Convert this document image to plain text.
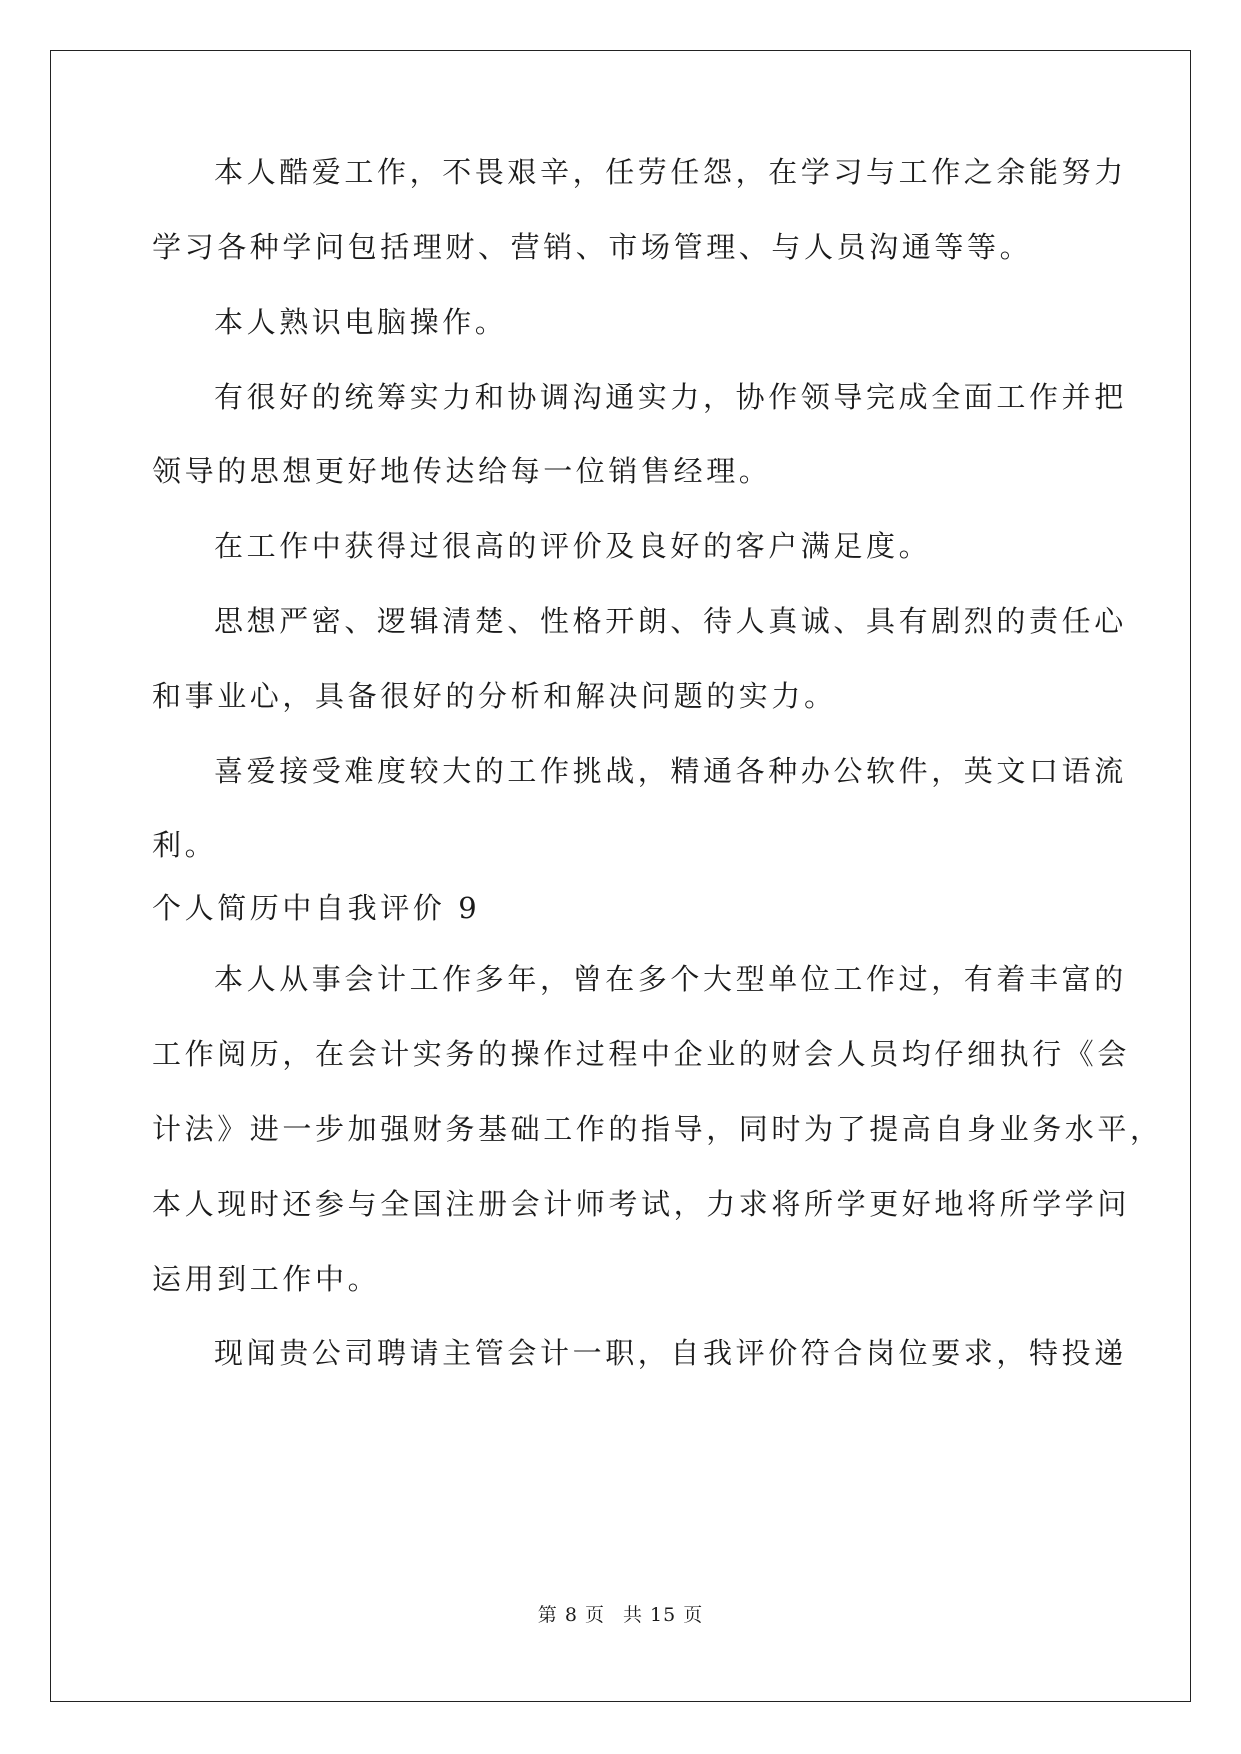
本人酷爱工作，不畏艰辛，任劳任怨，在学习与工作之余能努力
学习各种学问包括理财、营销、市场管理、与人员沟通等等。
本人熟识电脑操作。
有很好的统筹实力和协调沟通实力，协作领导完成全面工作并把
领导的思想更好地传达给每一位销售经理。
在工作中获得过很高的评价及良好的客户满足度。
思想严密、逻辑清楚、性格开朗、待人真诚、具有剧烈的责任心
和事业心，具备很好的分析和解决问题的实力。
喜爱接受难度较大的工作挑战，精通各种办公软件，英文口语流
利。
个人简历中自我评价 9
本人从事会计工作多年，曾在多个大型单位工作过，有着丰富的
工作阅历，在会计实务的操作过程中企业的财会人员均仔细执行《会
计法》进一步加强财务基础工作的指导，同时为了提高自身业务水平，
本人现时还参与全国注册会计师考试，力求将所学更好地将所学学问
运用到工作中。
现闻贵公司聘请主管会计一职，自我评价符合岗位要求，特投递
第 8 页 共 15 页
